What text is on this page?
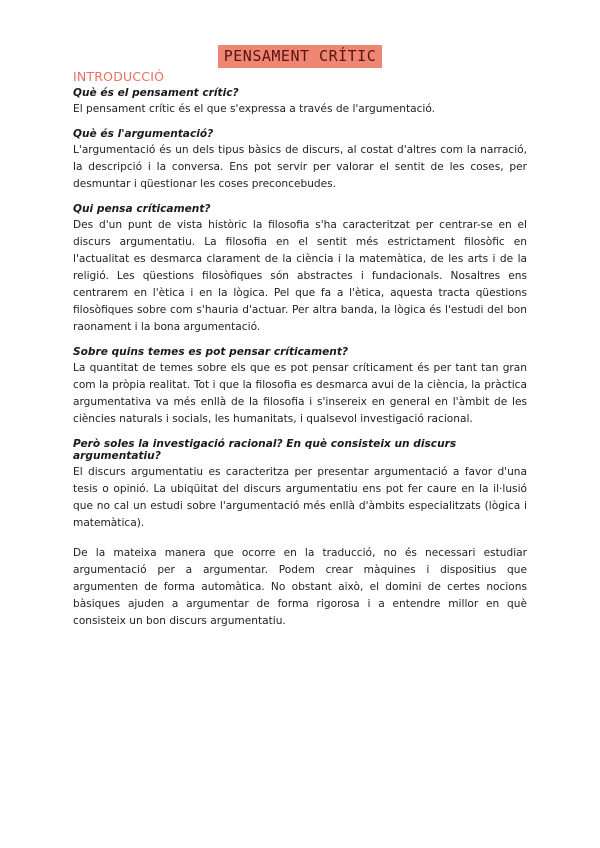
PENSAMENT CRÍTIC
INTRODUCCIÓ
Què és el pensament crític?

El pensament crític és el que s'expressa a través de l'argumentació.

Què és l'argumentació?

L'argumentació és un dels tipus bàsics de discurs, al costat d'altres com la narració, la descripció i la conversa. Ens pot servir per valorar el sentit de les coses, per desmuntar i qüestionar les coses preconcebudes.

Qui pensa críticament?

Des d'un punt de vista històric la filosofia s'ha caracteritzat per centrar-se en el discurs argumentatiu. La filosofia en el sentit més estrictament filosòfic en l'actualitat es desmarca clarament de la ciència i la matemàtica, de les arts i de la religió. Les qüestions filosòfiques són abstractes i fundacionals. Nosaltres ens centrarem en l'ètica i en la lògica. Pel que fa a l'ètica, aquesta tracta qüestions filosòfiques sobre com s'hauria d'actuar. Per altra banda, la lògica és l'estudi del bon raonament i la bona argumentació.

Sobre quins temes es pot pensar críticament?

La quantitat de temes sobre els que es pot pensar críticament és per tant tan gran com la pròpia realitat. Tot i que la filosofia es desmarca avui de la ciència, la pràctica argumentativa va més enllà de la filosofia i s'insereix en general en l'àmbit de les ciències naturals i socials, les humanitats, i qualsevol investigació racional.

Però soles la investigació racional? En què consisteix un discurs argumentatiu?

El discurs argumentatiu es caracteritza per presentar argumentació a favor d'una tesis o opinió. La ubiqüitat del discurs argumentatiu ens pot fer caure en la il·lusió que no cal un estudi sobre l'argumentació més enllà d'àmbits especialitzats (lògica i matemàtica).

De la mateixa manera que ocorre en la traducció, no és necessari estudiar argumentació per a argumentar. Podem crear màquines i dispositius que argumenten de forma automàtica. No obstant això, el domini de certes nocions bàsiques ajuden a argumentar de forma rigorosa i a entendre millor en què consisteix un bon discurs argumentatiu.
